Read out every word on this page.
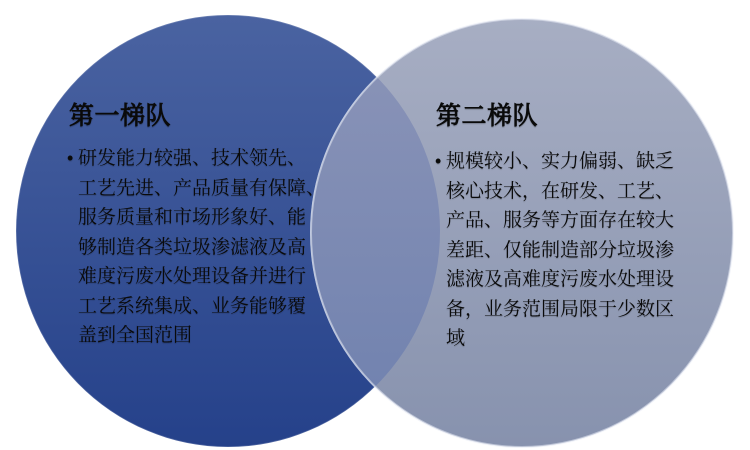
第一梯队
• 研发能力较强、技术领先、
工艺先进、产品质量有保障、
服务质量和市场形象好、能
够制造各类垃圾渗滤液及高
难度污废水处理设备并进行
工艺系统集成、业务能够覆
盖到全国范围
第二梯队
• 规模较小、实力偏弱、缺乏
核心技术，在研发、工艺、
产品、服务等方面存在较大
差距、仅能制造部分垃圾渗
滤液及高难度污废水处理设
备，业务范围局限于少数区
域
